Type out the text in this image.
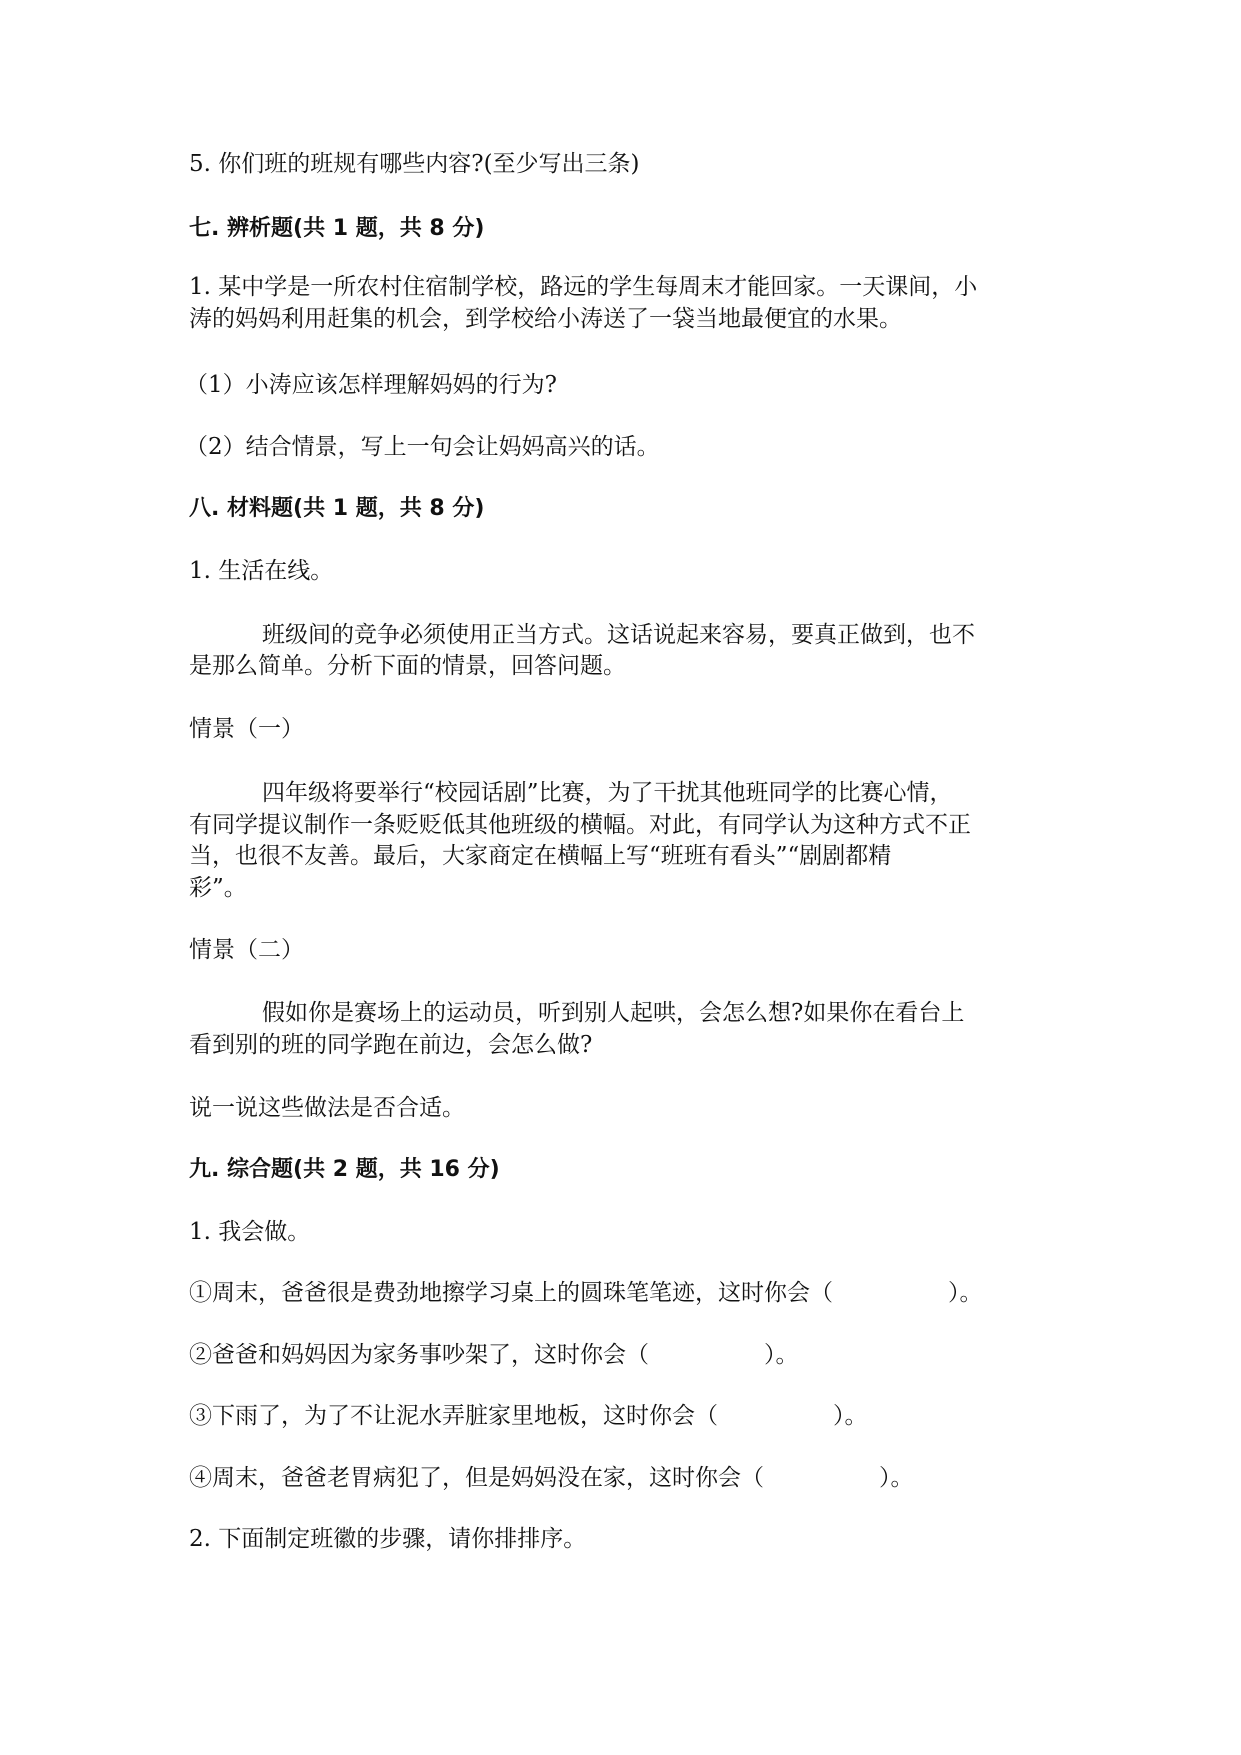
5. 你们班的班规有哪些内容?(至少写出三条)
七. 辨析题(共 1 题，共 8 分)
1. 某中学是一所农村住宿制学校，路远的学生每周末才能回家。一天课间，小
涛的妈妈利用赶集的机会，到学校给小涛送了一袋当地最便宜的水果。
（1）小涛应该怎样理解妈妈的行为?
（2）结合情景，写上一句会让妈妈高兴的话。
八. 材料题(共 1 题，共 8 分)
1. 生活在线。
班级间的竞争必须使用正当方式。这话说起来容易，要真正做到，也不
是那么简单。分析下面的情景，回答问题。
情景（一）
四年级将要举行“校园话剧”比赛，为了干扰其他班同学的比赛心情，
有同学提议制作一条贬贬低其他班级的横幅。对此，有同学认为这种方式不正
当，也很不友善。最后，大家商定在横幅上写“班班有看头”“剧剧都精
彩”。
情景（二）
假如你是赛场上的运动员，听到别人起哄，会怎么想?如果你在看台上
看到别的班的同学跑在前边，会怎么做?
说一说这些做法是否合适。
九. 综合题(共 2 题，共 16 分)
1. 我会做。
①周末，爸爸很是费劲地擦学习桌上的圆珠笔笔迹，这时你会（　　　　　）。
②爸爸和妈妈因为家务事吵架了，这时你会（　　　　　）。
③下雨了，为了不让泥水弄脏家里地板，这时你会（　　　　　）。
④周末，爸爸老胃病犯了，但是妈妈没在家，这时你会（　　　　　）。
2. 下面制定班徽的步骤，请你排排序。
